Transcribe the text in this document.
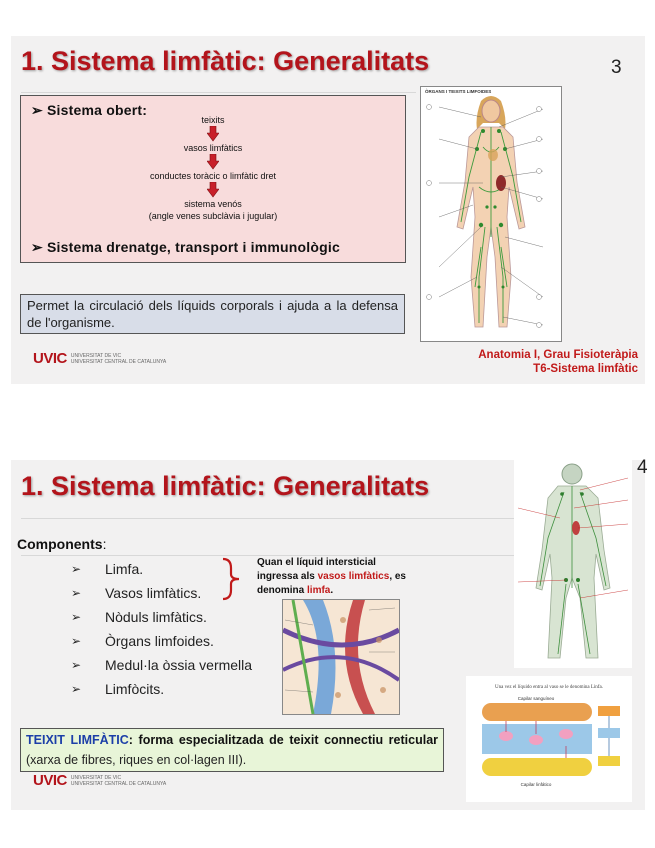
1. Sistema limfàtic: Generalitats	3
➢ Sistema obert:
teixits
vasos limfàtics
conductes toràcic o limfàtic dret
sistema venós
(angle venes subclàvia i jugular)
➢ Sistema drenatge, transport i immunològic
Permet la circulació dels líquids corporals i ajuda a la defensa de l'organisme.
UVIC UNIVERSITAT DE VIC
UNIVERSITAT CENTRAL DE CATALUNYA
Anatomia I, Grau Fisioteràpia
T6-Sistema limfàtic
ÒRGANS I TEIXITS LIMFOIDES
1. Sistema limfàtic: Generalitats
4
Components:
➢	Limfa.
➢	Vasos limfàtics.
➢	Nòduls limfàtics.
➢	Òrgans limfoides.
➢	Medul·la òssia vermella
➢	Limfòcits.
Quan el líquid intersticial ingressa als vasos limfàtics, es denomina limfa.
TEIXIT LIMFÀTIC: forma especialitzada de teixit connectiu reticular (xarxa de fibres, riques en col·lagen III).
UVIC UNIVERSITAT DE VIC
UNIVERSITAT CENTRAL DE CATALUNYA
Una vez el líquido entra al vaso se le denomina Linfa.
Capilar sanguíneo
Capilar linfático
